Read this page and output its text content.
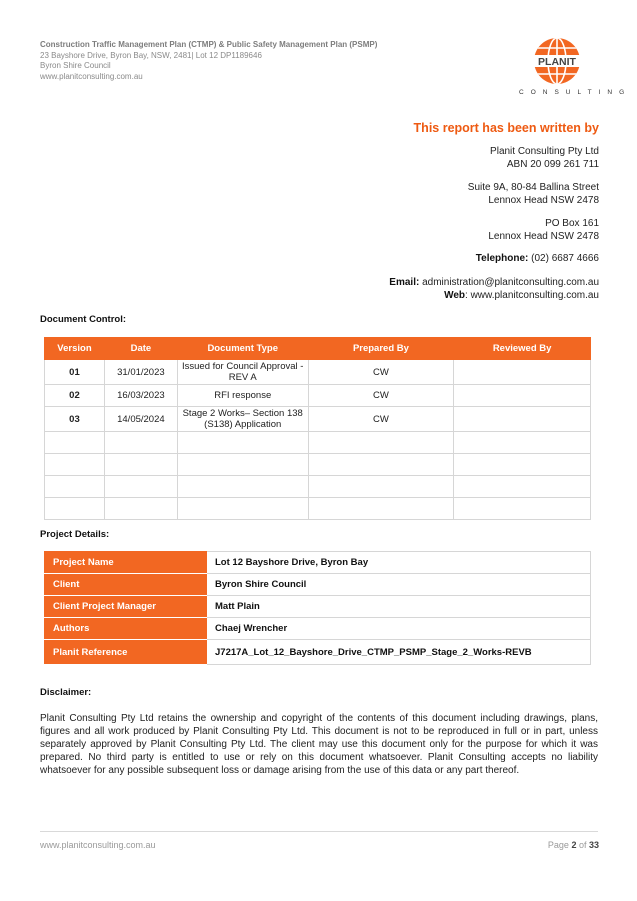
Construction Traffic Management Plan (CTMP) & Public Safety Management Plan (PSMP)
23 Bayshore Drive, Byron Bay, NSW, 2481| Lot 12 DP1189646
Byron Shire Council
www.planitconsulting.com.au
PLANIT
CONSULTING
This report has been written by
Planit Consulting Pty Ltd
ABN 20 099 261 711
Suite 9A, 80-84 Ballina Street
Lennox Head NSW 2478
PO Box 161
Lennox Head NSW 2478
Telephone: (02) 6687 4666
Email: administration@planitconsulting.com.au
Web: www.planitconsulting.com.au
Document Control:
Version	Date	Document Type	Prepared By	Reviewed By
01	31/01/2023	Issued for Council Approval - REV A	CW	
02	16/03/2023	RFI response	CW	
03	14/05/2024	Stage 2 Works– Section 138 (S138) Application	CW	

Project Details:
Project Name	Lot 12 Bayshore Drive, Byron Bay
Client	Byron Shire Council
Client Project Manager	Matt Plain
Authors	Chaej Wrencher
Planit Reference	J7217A_Lot_12_Bayshore_Drive_CTMP_PSMP_Stage_2_Works-REVB
Disclaimer:
Planit Consulting Pty Ltd retains the ownership and copyright of the contents of this document including drawings, plans, figures and all work produced by Planit Consulting Pty Ltd. This document is not to be reproduced in full or in part, unless separately approved by Planit Consulting Pty Ltd. The client may use this document only for the purpose for which it was prepared. No third party is entitled to use or rely on this document whatsoever. Planit Consulting accepts no liability whatsoever for any possible subsequent loss or damage arising from the use of this data or any part thereof.
www.planitconsulting.com.au	Page 2 of 33
